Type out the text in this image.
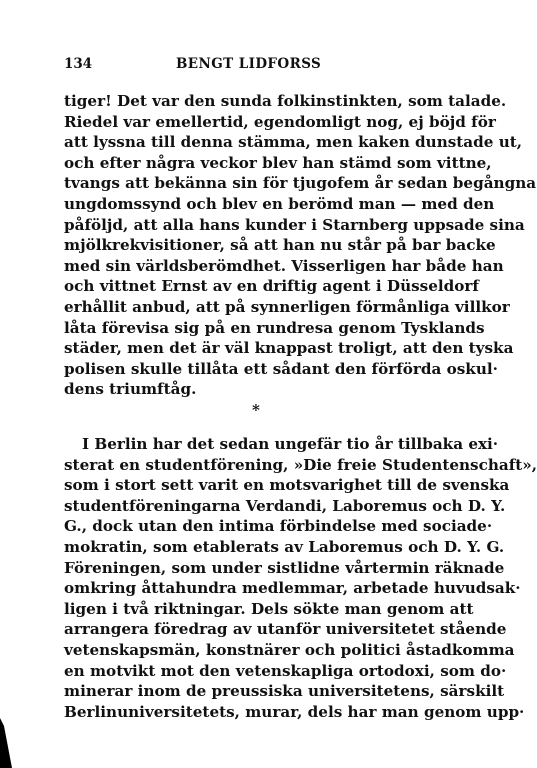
134	BENGT LIDFORSS

tiger! Det var den sunda folkinstinkten, som talade.
Riedel var emellertid, egendomligt nog, ej böjd för
att lyssna till denna stämma, men kaken dunstade ut,
och efter några veckor blev han stämd som vittne,
tvangs att bekänna sin för tjugofem år sedan begångna
ungdomssynd och blev en berömd man — med den
påföljd, att alla hans kunder i Starnberg uppsade sina
mjölkrekvisitioner, så att han nu står på bar backe
med sin världsberömdhet. Visserligen har både han
och vittnet Ernst av en driftig agent i Düsseldorf
erhållit anbud, att på synnerligen förmånliga villkor
låta förevisa sig på en rundresa genom Tysklands
städer, men det är väl knappast troligt, att den tyska
polisen skulle tillåta ett sådant den förförda oskul·
dens triumftåg.

*

I Berlin har det sedan ungefär tio år tillbaka exi·
sterat en studentförening, »Die freie Studentenschaft»,
som i stort sett varit en motsvarighet till de svenska
studentföreningarna Verdandi, Laboremus och D. Y.
G., dock utan den intima förbindelse med sociade·
mokratin, som etablerats av Laboremus och D. Y. G.
Föreningen, som under sistlidne vårtermin räknade
omkring åttahundra medlemmar, arbetade huvudsak·
ligen i två riktningar. Dels sökte man genom att
arrangera föredrag av utanför universitetet stående
vetenskapsmän, konstnärer och politici åstadkomma
en motvikt mot den vetenskapliga ortodoxi, som do·
minerar inom de preussiska universitetens, särskilt
Berlinuniversitetets, murar, dels har man genom upp·
